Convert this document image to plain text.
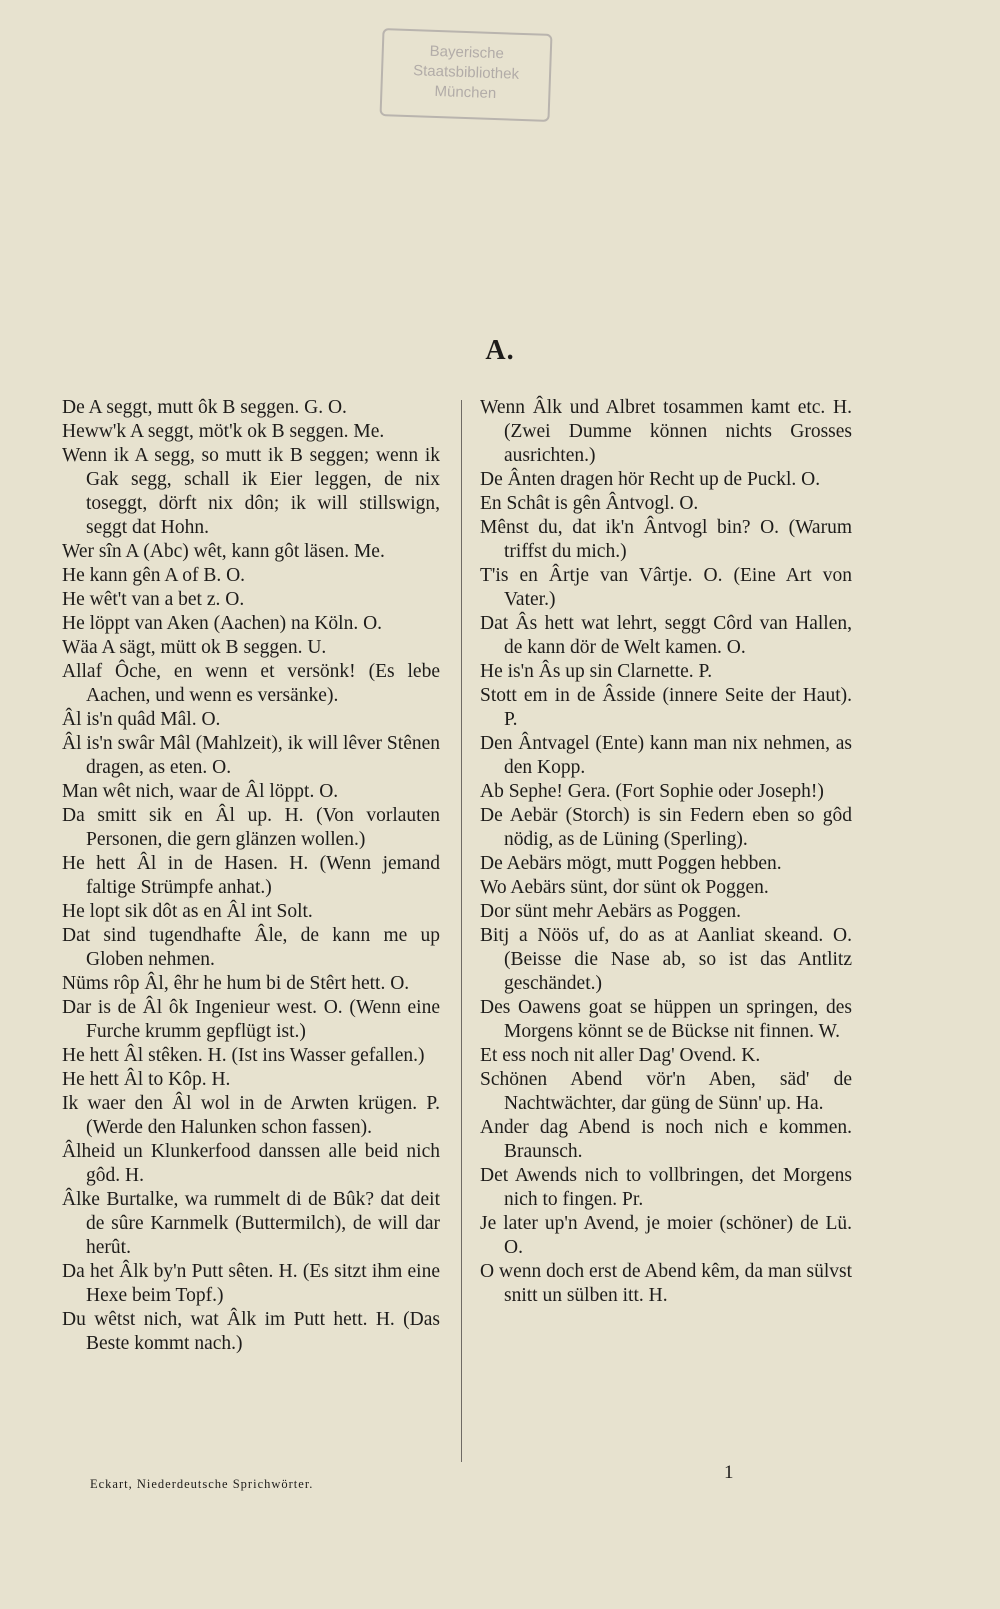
Bayerische
Staatsbibliothek
München
A.

De A seggt, mutt ôk B seggen. G. O.

Heww'k A seggt, möt'k ok B seggen. Me.

Wenn ik A segg, so mutt ik B seggen; wenn ik Gak segg, schall ik Eier leggen, de nix toseggt, dörft nix dôn; ik will stillswign, seggt dat Hohn.

Wer sîn A (Abc) wêt, kann gôt läsen. Me.

He kann gên A of B. O.

He wêt't van a bet z. O.

He löppt van Aken (Aachen) na Köln. O.

Wäa A sägt, mütt ok B seggen. U.

Allaf Ôche, en wenn et versönk! (Es lebe Aachen, und wenn es versänke).

Âl is'n quâd Mâl. O.

Âl is'n swâr Mâl (Mahlzeit), ik will lêver Stênen dragen, as eten. O.

Man wêt nich, waar de Âl löppt. O.

Da smitt sik en Âl up. H. (Von vorlauten Personen, die gern glänzen wollen.)

He hett Âl in de Hasen. H. (Wenn jemand faltige Strümpfe anhat.)

He lopt sik dôt as en Âl int Solt.

Dat sind tugendhafte Âle, de kann me up Globen nehmen.

Nüms rôp Âl, êhr he hum bi de Stêrt hett. O.

Dar is de Âl ôk Ingenieur west. O. (Wenn eine Furche krumm gepflügt ist.)

He hett Âl stêken. H. (Ist ins Wasser gefallen.)

He hett Âl to Kôp. H.

Ik waer den Âl wol in de Arwten krügen. P. (Werde den Halunken schon fassen).

Âlheid un Klunkerfood danssen alle beid nich gôd. H.

Âlke Burtalke, wa rummelt di de Bûk? dat deit de sûre Karnmelk (Buttermilch), de will dar herût.

Da het Âlk by'n Putt sêten. H. (Es sitzt ihm eine Hexe beim Topf.)

Du wêtst nich, wat Âlk im Putt hett. H. (Das Beste kommt nach.)

Wenn Âlk und Albret tosammen kamt etc. H. (Zwei Dumme können nichts Grosses ausrichten.)

De Ânten dragen hör Recht up de Puckl. O.

En Schât is gên Ântvogl. O.

Mênst du, dat ik'n Ântvogl bin? O. (Warum triffst du mich.)

T'is en Ârtje van Vârtje. O. (Eine Art von Vater.)

Dat Âs hett wat lehrt, seggt Côrd van Hallen, de kann dör de Welt kamen. O.

He is'n Âs up sin Clarnette. P.

Stott em in de Âsside (innere Seite der Haut). P.

Den Ântvagel (Ente) kann man nix nehmen, as den Kopp.

Ab Sephe! Gera. (Fort Sophie oder Joseph!)

De Aebär (Storch) is sin Federn eben so gôd nödig, as de Lüning (Sperling).

De Aebärs mögt, mutt Poggen hebben.

Wo Aebärs sünt, dor sünt ok Poggen.

Dor sünt mehr Aebärs as Poggen.

Bitj a Nöös uf, do as at Aanliat skeand. O. (Beisse die Nase ab, so ist das Antlitz geschändet.)

Des Oawens goat se hüppen un springen, des Morgens könnt se de Bückse nit finnen. W.

Et ess noch nit aller Dag' Ovend. K.

Schönen Abend vör'n Aben, säd' de Nachtwächter, dar güng de Sünn' up. Ha.

Ander dag Abend is noch nich e kommen. Braunsch.

Det Awends nich to vollbringen, det Morgens nich to fingen. Pr.

Je later up'n Avend, je moier (schöner) de Lü. O.

O wenn doch erst de Abend kêm, da man sülvst snitt un sülben itt. H.

Eckart, Niederdeutsche Sprichwörter.
1
